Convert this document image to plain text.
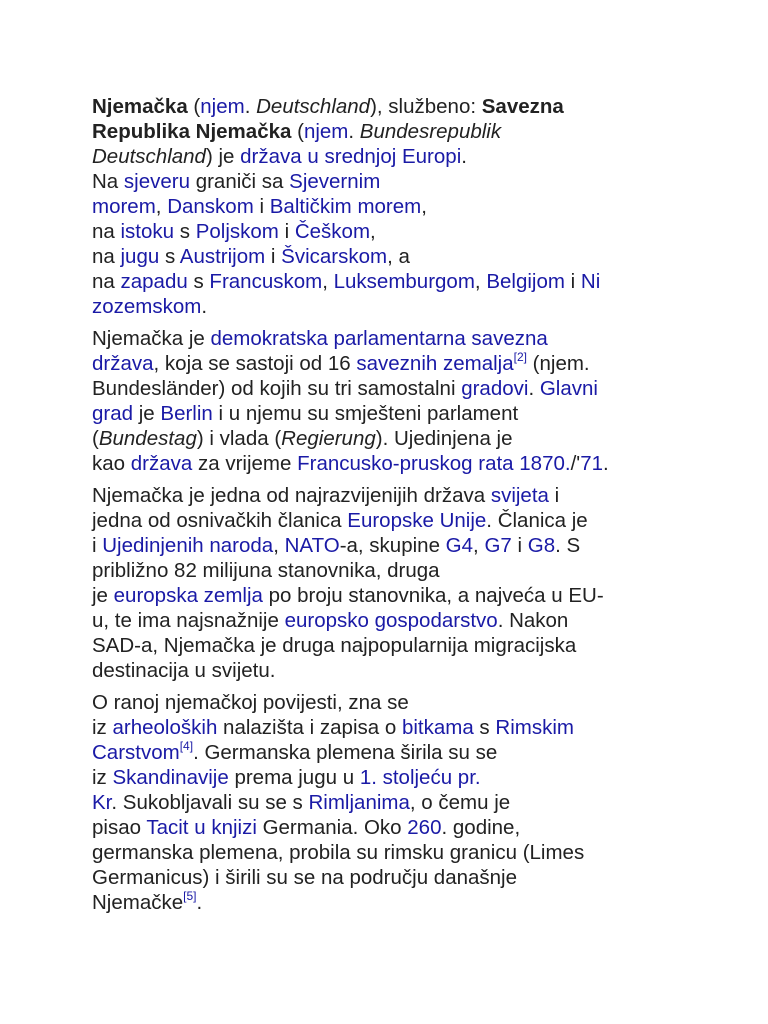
Njemačka (njem. Deutschland), službeno: Savezna
Republika Njemačka (njem. Bundesrepublik
Deutschland) je država u srednjoj Europi.
Na sjeveru graniči sa Sjevernim
morem, Danskom i Baltičkim morem,
na istoku s Poljskom i Češkom,
na jugu s Austrijom i Švicarskom, a
na zapadu s Francuskom, Luksemburgom, Belgijom i Ni
zozemskom.

Njemačka je demokratska parlamentarna savezna
država, koja se sastoji od 16 saveznih zemalja[2] (njem.
Bundesländer) od kojih su tri samostalni gradovi. Glavni
grad je Berlin i u njemu su smješteni parlament
(Bundestag) i vlada (Regierung). Ujedinjena je
kao država za vrijeme Francusko-pruskog rata 1870./'71.

Njemačka je jedna od najrazvijenijih država svijeta i
jedna od osnivačkih članica Europske Unije. Članica je
i Ujedinjenih naroda, NATO-a, skupine G4, G7 i G8. S
približno 82 milijuna stanovnika, druga
je europska zemlja po broju stanovnika, a najveća u EU-
u, te ima najsnažnije europsko gospodarstvo. Nakon
SAD-a, Njemačka je druga najpopularnija migracijska
destinacija u svijetu.

O ranoj njemačkoj povijesti, zna se
iz arheoloških nalazišta i zapisa o bitkama s Rimskim
Carstvom[4]. Germanska plemena širila su se
iz Skandinavije prema jugu u 1. stoljeću pr.
Kr. Sukobljavali su se s Rimljanima, o čemu je
pisao Tacit u knjizi Germania. Oko 260. godine,
germanska plemena, probila su rimsku granicu (Limes
Germanicus) i širili su se na području današnje
Njemačke[5].
